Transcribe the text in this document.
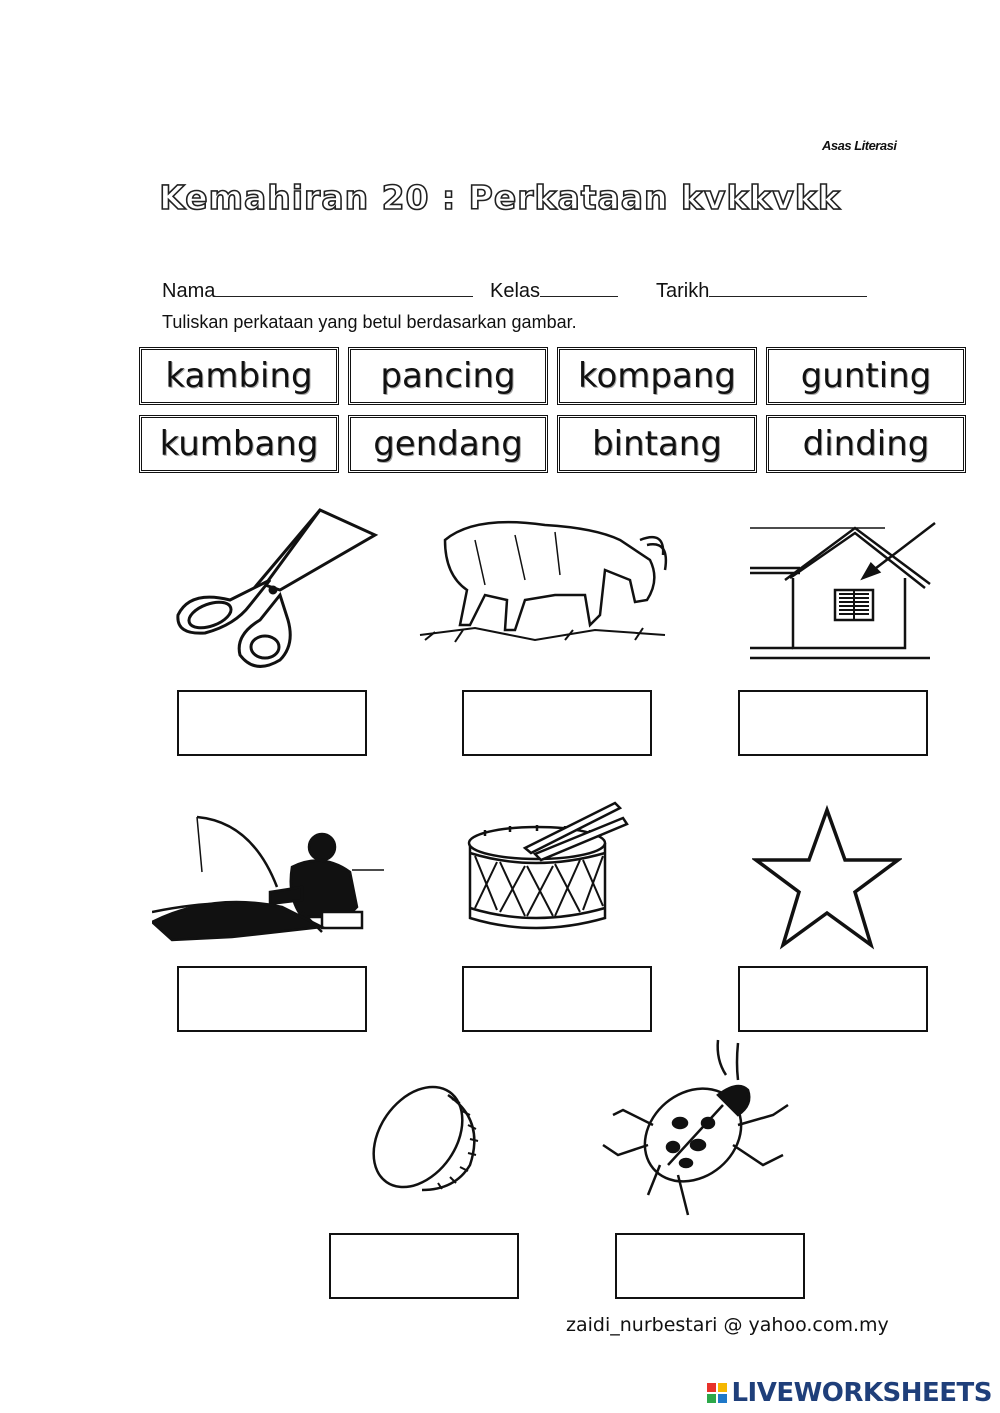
Asas Literasi
Kemahiran 20 : Perkataan kvkkvkk
Nama	Kelas	Tarikh
Tuliskan perkataan yang betul berdasarkan gambar.
kambing	pancing	kompang	gunting
kumbang	gendang	bintang	dinding
zaidi_nurbestari @ yahoo.com.my
LIVEWORKSHEETS
